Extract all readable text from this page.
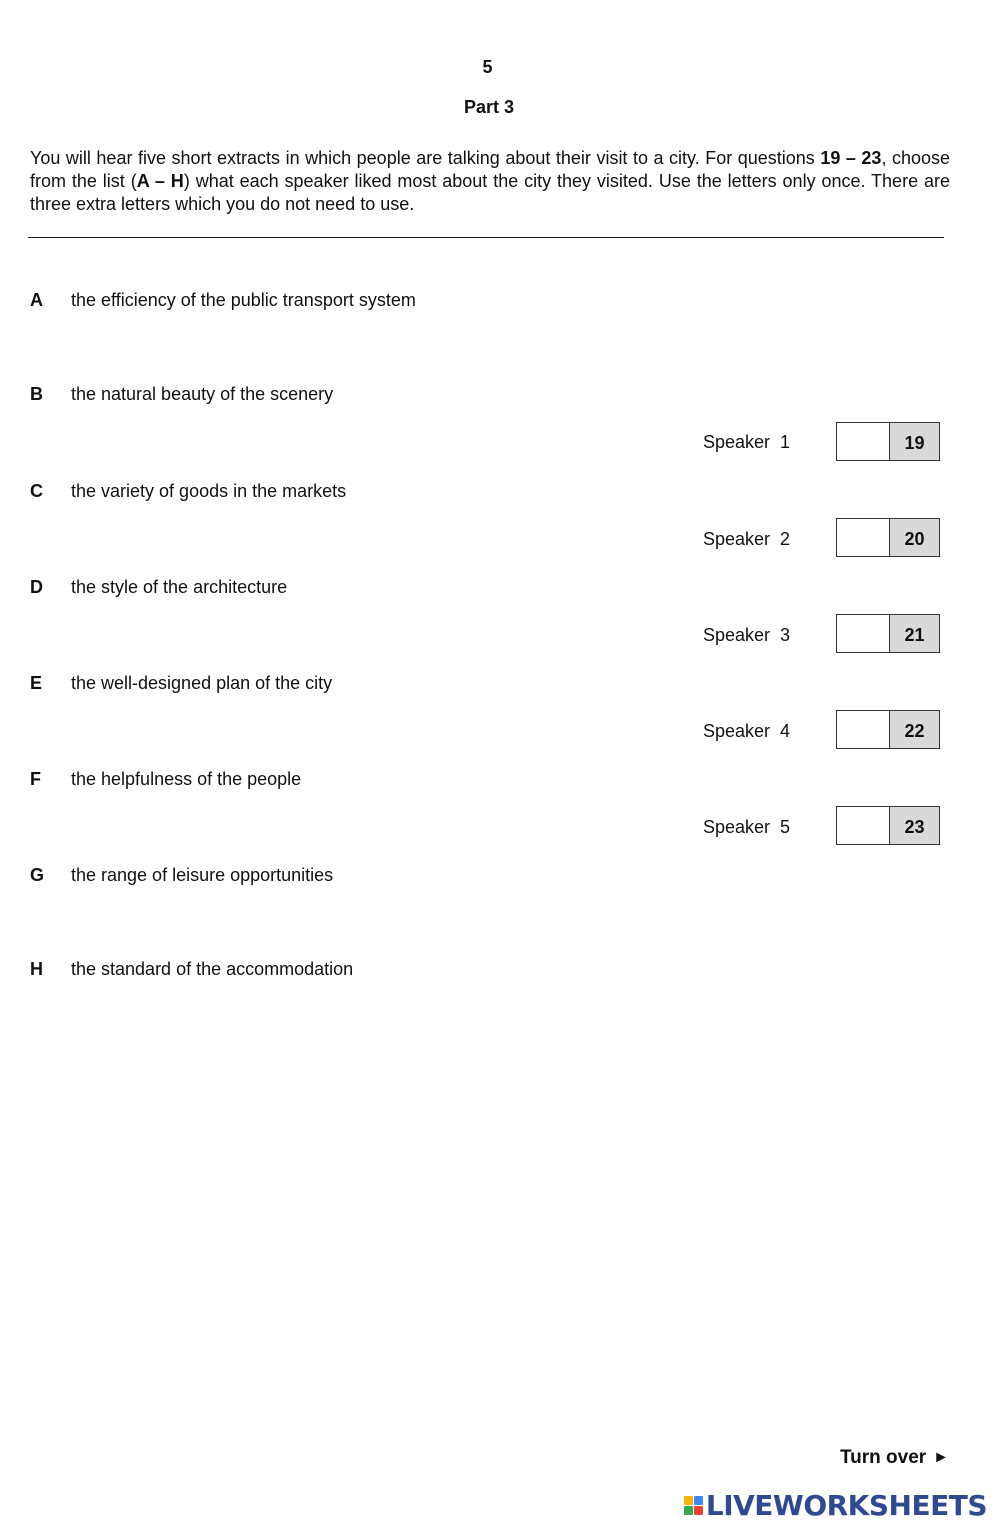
5
Part 3
You will hear five short extracts in which people are talking about their visit to a city. For questions 19 – 23, choose from the list (A – H) what each speaker liked most about the city they visited. Use the letters only once. There are three extra letters which you do not need to use.
A	the efficiency of the public transport system
B	the natural beauty of the scenery
C	the variety of goods in the markets
D	the style of the architecture
E	the well-designed plan of the city
F	the helpfulness of the people
G	the range of leisure opportunities
H	the standard of the accommodation
Speaker  1	19
Speaker  2	20
Speaker  3	21
Speaker  4	22
Speaker  5	23
Turn over ►
LIVEWORKSHEETS
